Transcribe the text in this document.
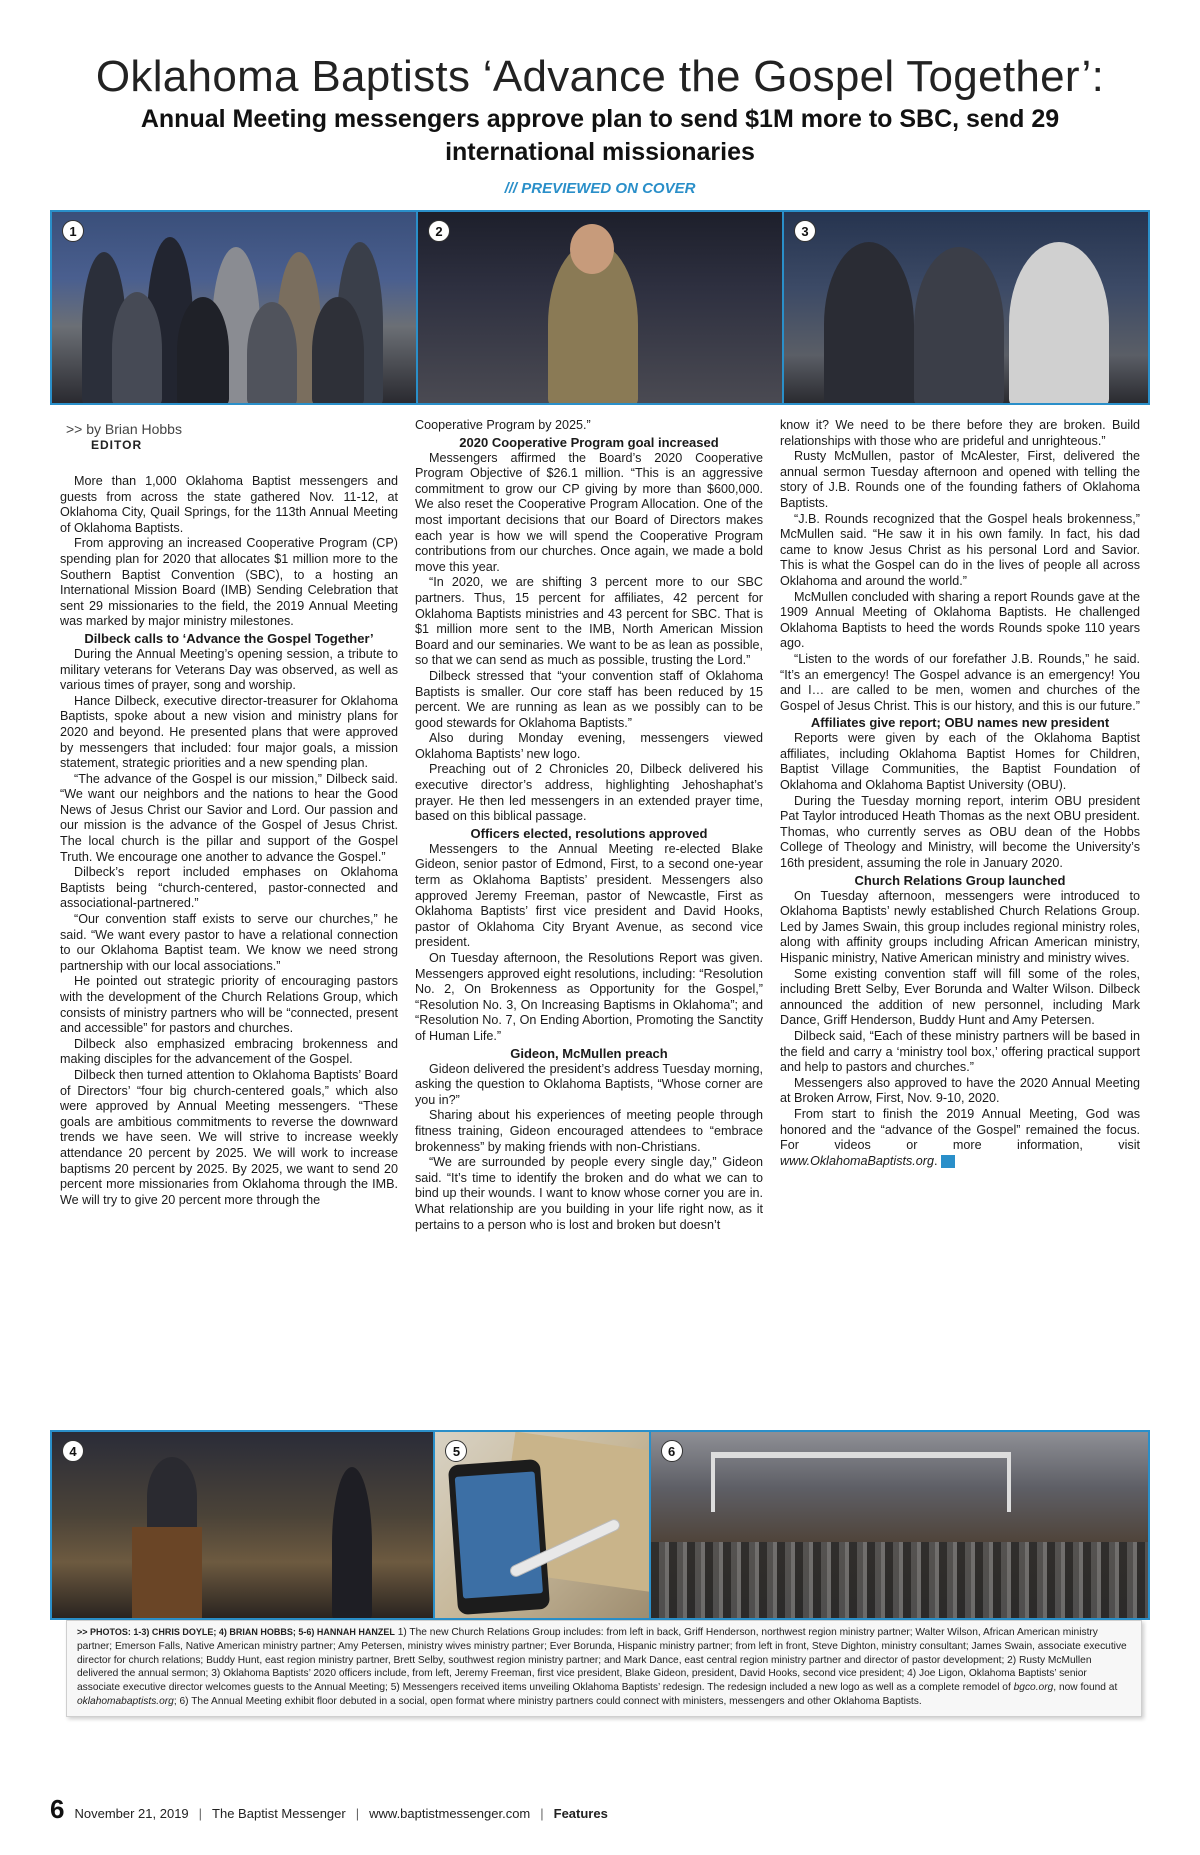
Oklahoma Baptists ‘Advance the Gospel Together’:
Annual Meeting messengers approve plan to send $1M more to SBC, send 29 international missionaries
/// PREVIEWED ON COVER
1	2	3
>> by Brian Hobbs
EDITOR

More than 1,000 Oklahoma Baptist messengers and guests from across the state gathered Nov. 11-12, at Oklahoma City, Quail Springs, for the 113th Annual Meeting of Oklahoma Baptists.

From approving an increased Cooperative Program (CP) spending plan for 2020 that allocates $1 million more to the Southern Baptist Convention (SBC), to a hosting an International Mission Board (IMB) Sending Celebration that sent 29 missionaries to the field, the 2019 Annual Meeting was marked by major ministry milestones.

Dilbeck calls to ‘Advance the Gospel Together’

During the Annual Meeting’s opening session, a tribute to military veterans for Veterans Day was observed, as well as various times of prayer, song and worship.

Hance Dilbeck, executive director-treasurer for Oklahoma Baptists, spoke about a new vision and ministry plans for 2020 and beyond. He presented plans that were approved by messengers that included: four major goals, a mission statement, strategic priorities and a new spending plan.

“The advance of the Gospel is our mission,” Dilbeck said. “We want our neighbors and the nations to hear the Good News of Jesus Christ our Savior and Lord. Our passion and our mission is the advance of the Gospel of Jesus Christ. The local church is the pillar and support of the Gospel Truth. We encourage one another to advance the Gospel.”

Dilbeck’s report included emphases on Oklahoma Baptists being “church-centered, pastor-connected and associational-partnered.”

“Our convention staff exists to serve our churches,” he said. “We want every pastor to have a relational connection to our Oklahoma Baptist team. We know we need strong partnership with our local associations.”

He pointed out strategic priority of encouraging pastors with the development of the Church Relations Group, which consists of ministry partners who will be “connected, present and accessible” for pastors and churches.

Dilbeck also emphasized embracing brokenness and making disciples for the advancement of the Gospel.

Dilbeck then turned attention to Oklahoma Baptists’ Board of Directors’ “four big church-centered goals,” which also were approved by Annual Meeting messengers. “These goals are ambitious commitments to reverse the downward trends we have seen. We will strive to increase weekly attendance 20 percent by 2025. We will work to increase baptisms 20 percent by 2025. By 2025, we want to send 20 percent more missionaries from Oklahoma through the IMB. We will try to give 20 percent more through the

Cooperative Program by 2025.”

2020 Cooperative Program goal increased

Messengers affirmed the Board’s 2020 Cooperative Program Objective of $26.1 million. “This is an aggressive commitment to grow our CP giving by more than $600,000. We also reset the Cooperative Program Allocation. One of the most important decisions that our Board of Directors makes each year is how we will spend the Cooperative Program contributions from our churches. Once again, we made a bold move this year.

“In 2020, we are shifting 3 percent more to our SBC partners. Thus, 15 percent for affiliates, 42 percent for Oklahoma Baptists ministries and 43 percent for SBC. That is $1 million more sent to the IMB, North American Mission Board and our seminaries. We want to be as lean as possible, so that we can send as much as possible, trusting the Lord.”

Dilbeck stressed that “your convention staff of Oklahoma Baptists is smaller. Our core staff has been reduced by 15 percent. We are running as lean as we possibly can to be good stewards for Oklahoma Baptists.”

Also during Monday evening, messengers viewed Oklahoma Baptists’ new logo.

Preaching out of 2 Chronicles 20, Dilbeck delivered his executive director’s address, highlighting Jehoshaphat’s prayer. He then led messengers in an extended prayer time, based on this biblical passage.

Officers elected, resolutions approved

Messengers to the Annual Meeting re-elected Blake Gideon, senior pastor of Edmond, First, to a second one-year term as Oklahoma Baptists’ president. Messengers also approved Jeremy Freeman, pastor of Newcastle, First as Oklahoma Baptists’ first vice president and David Hooks, pastor of Oklahoma City Bryant Avenue, as second vice president.

On Tuesday afternoon, the Resolutions Report was given. Messengers approved eight resolutions, including: “Resolution No. 2, On Brokenness as Opportunity for the Gospel,” “Resolution No. 3, On Increasing Baptisms in Oklahoma”; and “Resolution No. 7, On Ending Abortion, Promoting the Sanctity of Human Life.”

Gideon, McMullen preach

Gideon delivered the president’s address Tuesday morning, asking the question to Oklahoma Baptists, “Whose corner are you in?”

Sharing about his experiences of meeting people through fitness training, Gideon encouraged attendees to “embrace brokenness” by making friends with non-Christians.

“We are surrounded by people every single day,” Gideon said. “It’s time to identify the broken and do what we can to bind up their wounds. I want to know whose corner you are in. What relationship are you building in your life right now, as it pertains to a person who is lost and broken but doesn’t

know it? We need to be there before they are broken. Build relationships with those who are prideful and unrighteous.”

Rusty McMullen, pastor of McAlester, First, delivered the annual sermon Tuesday afternoon and opened with telling the story of J.B. Rounds one of the founding fathers of Oklahoma Baptists.

“J.B. Rounds recognized that the Gospel heals brokenness,” McMullen said. “He saw it in his own family. In fact, his dad came to know Jesus Christ as his personal Lord and Savior. This is what the Gospel can do in the lives of people all across Oklahoma and around the world.”

McMullen concluded with sharing a report Rounds gave at the 1909 Annual Meeting of Oklahoma Baptists. He challenged Oklahoma Baptists to heed the words Rounds spoke 110 years ago.

“Listen to the words of our forefather J.B. Rounds,” he said. “It’s an emergency! The Gospel advance is an emergency! You and I… are called to be men, women and churches of the Gospel of Jesus Christ. This is our history, and this is our future.”

Affiliates give report; OBU names new president

Reports were given by each of the Oklahoma Baptist affiliates, including Oklahoma Baptist Homes for Children, Baptist Village Communities, the Baptist Foundation of Oklahoma and Oklahoma Baptist University (OBU).

During the Tuesday morning report, interim OBU president Pat Taylor introduced Heath Thomas as the next OBU president. Thomas, who currently serves as OBU dean of the Hobbs College of Theology and Ministry, will become the University’s 16th president, assuming the role in January 2020.

Church Relations Group launched

On Tuesday afternoon, messengers were introduced to Oklahoma Baptists’ newly established Church Relations Group. Led by James Swain, this group includes regional ministry roles, along with affinity groups including African American ministry, Hispanic ministry, Native American ministry and ministry wives.

Some existing convention staff will fill some of the roles, including Brett Selby, Ever Borunda and Walter Wilson. Dilbeck announced the addition of new personnel, including Mark Dance, Griff Henderson, Buddy Hunt and Amy Petersen.

Dilbeck said, “Each of these ministry partners will be based in the field and carry a ‘ministry tool box,’ offering practical support and help to pastors and churches.”

Messengers also approved to have the 2020 Annual Meeting at Broken Arrow, First, Nov. 9-10, 2020.

From start to finish the 2019 Annual Meeting, God was honored and the “advance of the Gospel” remained the focus. For videos or more information, visit www.OklahomaBaptists.org. m

4	5	6
>> PHOTOS: 1-3) CHRIS DOYLE; 4) BRIAN HOBBS; 5-6) HANNAH HANZEL 1) The new Church Relations Group includes: from left in back, Griff Henderson, northwest region ministry partner; Walter Wilson, African American ministry partner; Emerson Falls, Native American ministry partner; Amy Petersen, ministry wives ministry partner; Ever Borunda, Hispanic ministry partner; from left in front, Steve Dighton, ministry consultant; James Swain, associate executive director for church relations; Buddy Hunt, east region ministry partner, Brett Selby, southwest region ministry partner; and Mark Dance, east central region ministry partner and director of pastor development; 2) Rusty McMullen delivered the annual sermon; 3) Oklahoma Baptists’ 2020 officers include, from left, Jeremy Freeman, first vice president, Blake Gideon, president, David Hooks, second vice president; 4) Joe Ligon, Oklahoma Baptists’ senior associate executive director welcomes guests to the Annual Meeting; 5) Messengers received items unveiling Oklahoma Baptists’ redesign. The redesign included a new logo as well as a complete remodel of bgco.org, now found at oklahomabaptists.org; 6) The Annual Meeting exhibit floor debuted in a social, open format where ministry partners could connect with ministers, messengers and other Oklahoma Baptists.
6 November 21, 2019 | The Baptist Messenger | www.baptistmessenger.com | Features
